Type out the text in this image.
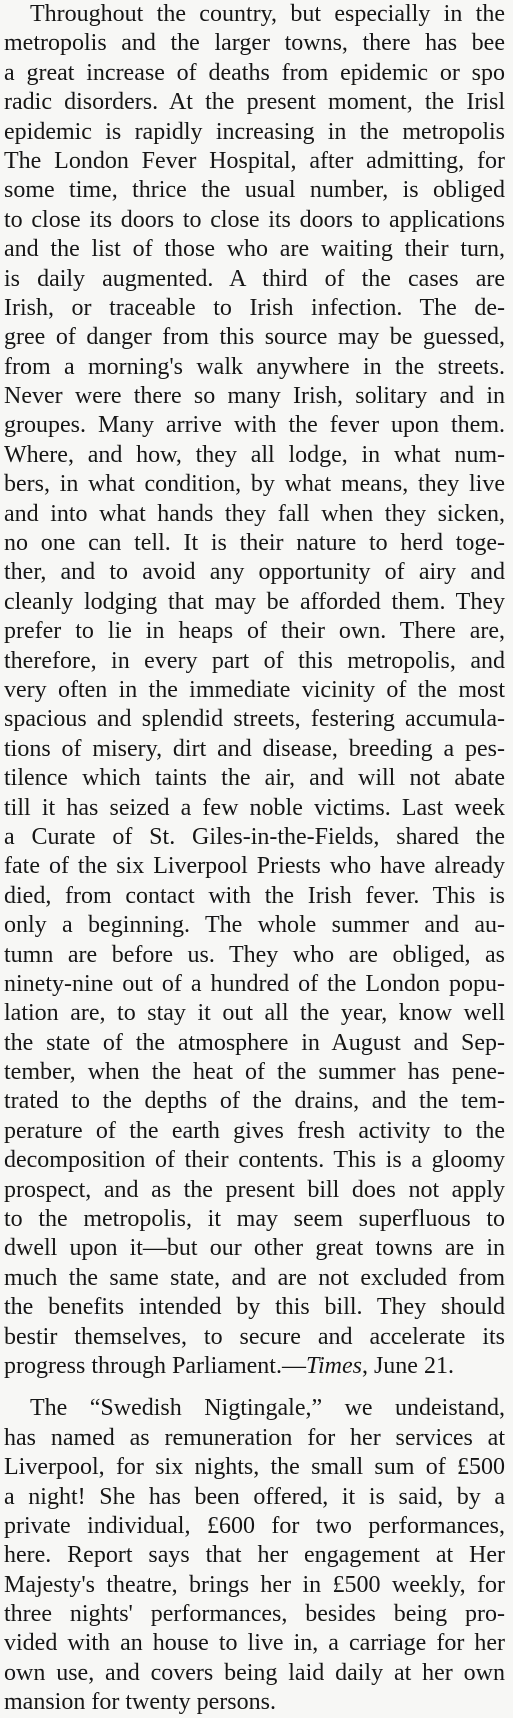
Throughout the country, but especially in the
metropolis and the larger towns, there has bee
a great increase of deaths from epidemic or spo
radic disorders. At the present moment, the Irisl
epidemic is rapidly increasing in the metropolis
The London Fever Hospital, after admitting, for
some time, thrice the usual number, is obliged
to close its doors to close its doors to applications
and the list of those who are waiting their turn,
is daily augmented. A third of the cases are
Irish, or traceable to Irish infection. The de-
gree of danger from this source may be guessed,
from a morning's walk anywhere in the streets.
Never were there so many Irish, solitary and in
groupes. Many arrive with the fever upon them.
Where, and how, they all lodge, in what num-
bers, in what condition, by what means, they live
and into what hands they fall when they sicken,
no one can tell. It is their nature to herd toge-
ther, and to avoid any opportunity of airy and
cleanly lodging that may be afforded them. They
prefer to lie in heaps of their own. There are,
therefore, in every part of this metropolis, and
very often in the immediate vicinity of the most
spacious and splendid streets, festering accumula-
tions of misery, dirt and disease, breeding a pes-
tilence which taints the air, and will not abate
till it has seized a few noble victims. Last week
a Curate of St. Giles-in-the-Fields, shared the
fate of the six Liverpool Priests who have already
died, from contact with the Irish fever. This is
only a beginning. The whole summer and au-
tumn are before us. They who are obliged, as
ninety-nine out of a hundred of the London popu-
lation are, to stay it out all the year, know well
the state of the atmosphere in August and Sep-
tember, when the heat of the summer has pene-
trated to the depths of the drains, and the tem-
perature of the earth gives fresh activity to the
decomposition of their contents. This is a gloomy
prospect, and as the present bill does not apply
to the metropolis, it may seem superfluous to
dwell upon it—but our other great towns are in
much the same state, and are not excluded from
the benefits intended by this bill. They should
bestir themselves, to secure and accelerate its
progress through Parliament.—Times, June 21.
The “Swedish Nigtingale,” we undeistand,
has named as remuneration for her services at
Liverpool, for six nights, the small sum of £500
a night! She has been offered, it is said, by a
private individual, £600 for two performances,
here. Report says that her engagement at Her
Majesty's theatre, brings her in £500 weekly, for
three nights' performances, besides being pro-
vided with an house to live in, a carriage for her
own use, and covers being laid daily at her own
mansion for twenty persons.
